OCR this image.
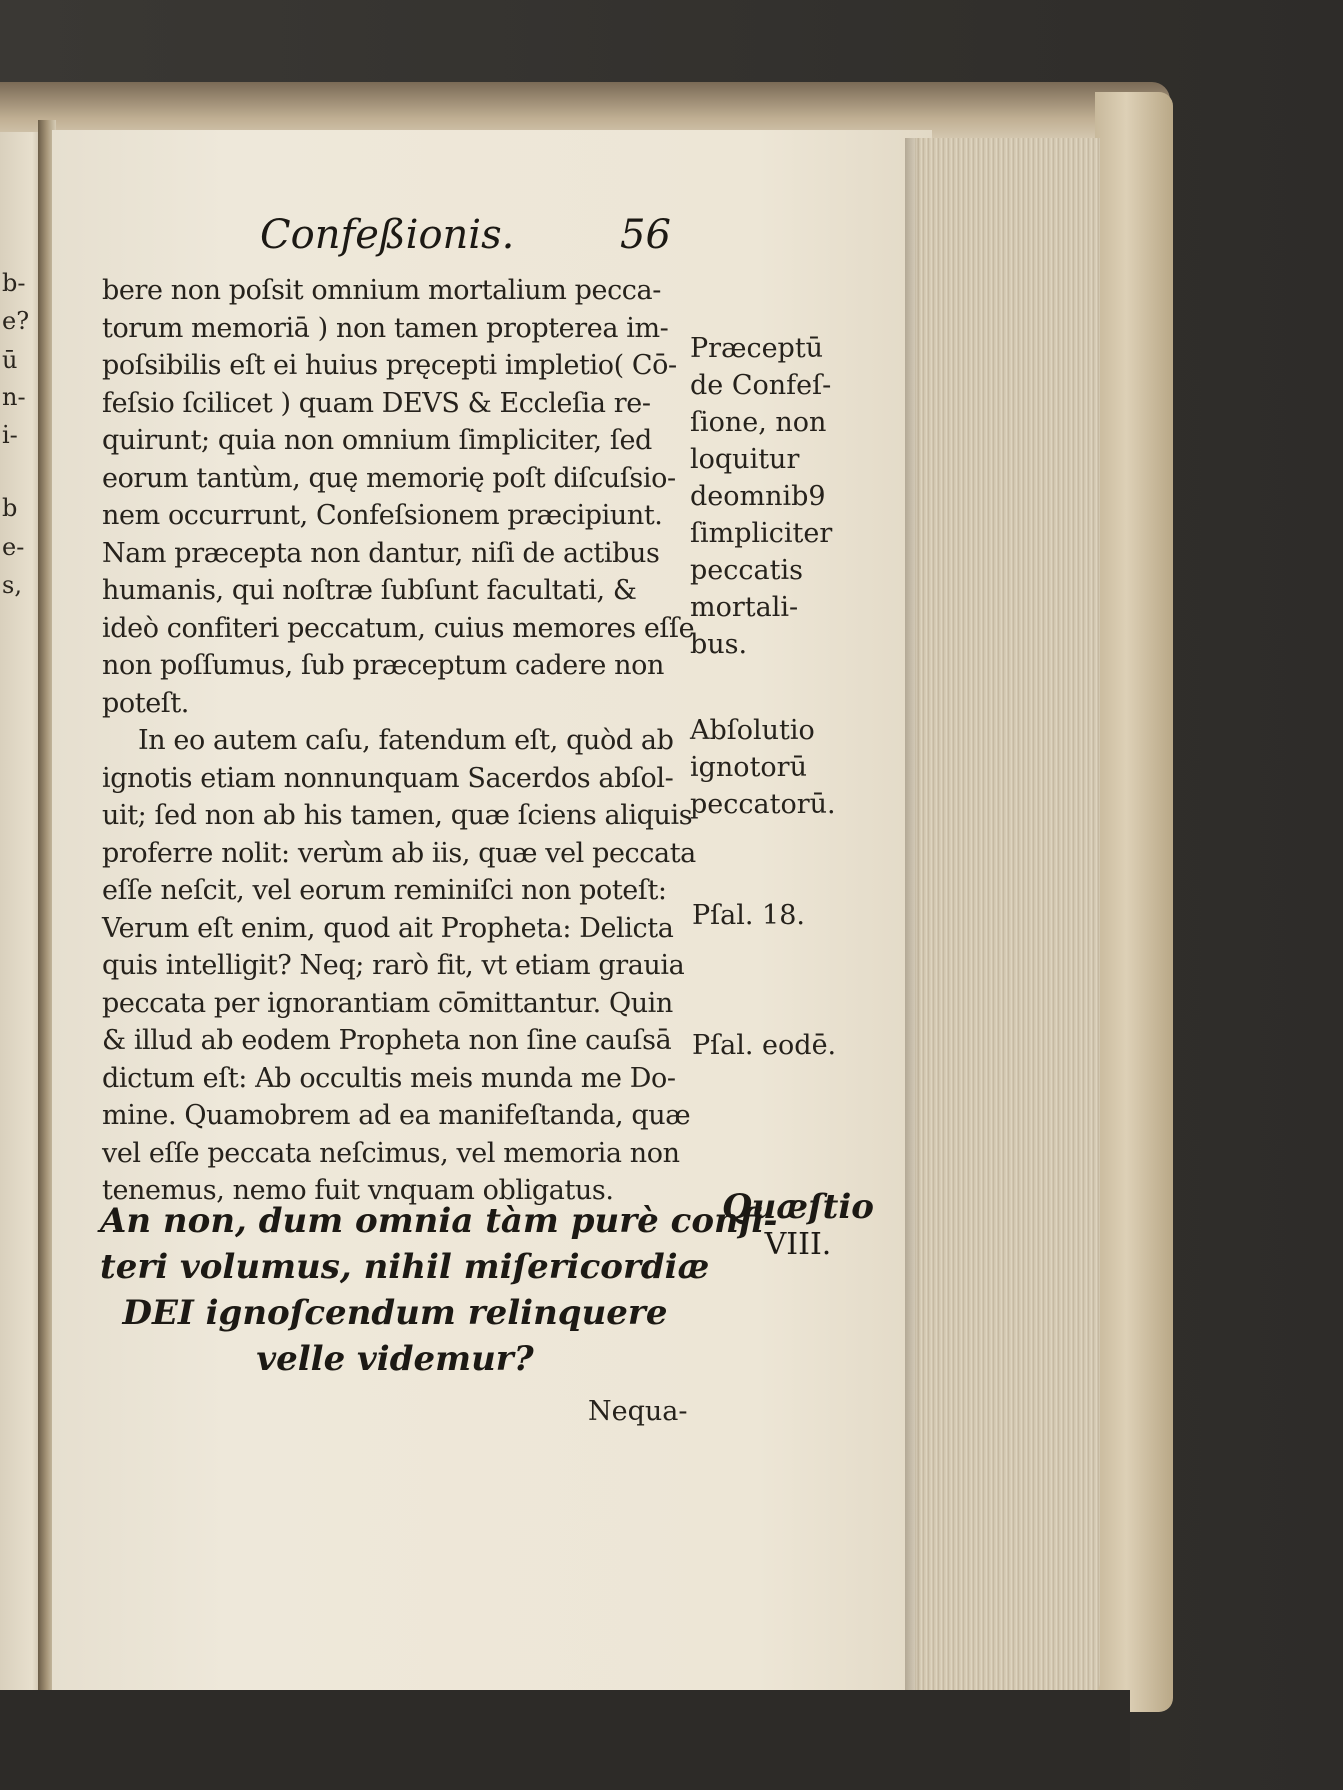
b-
e?
ū
n-
i-
b
e-
s,
Confeßionis.	56
bere non poſsit omnium mortalium pecca-
torum memoriā ) non tamen propterea im-
poſsibilis eſt ei huius pręcepti impletio( Cō-
feſsio ſcilicet ) quam DEVS & Eccleſia re-
quirunt; quia non omnium ſimpliciter, ſed
eorum tantùm, quę memorię poſt diſcuſsio-
nem occurrunt, Confeſsionem præcipiunt.
Nam præcepta non dantur, niſi de actibus
humanis, qui noſtræ ſubſunt facultati, &
ideò confiteri peccatum, cuius memores eſſe
non poſſumus, ſub præceptum cadere non
poteſt.
In eo autem caſu, fatendum eſt, quòd ab
ignotis etiam nonnunquam Sacerdos abſol-
uit; ſed non ab his tamen, quæ ſciens aliquis
proferre nolit: verùm ab iis, quæ vel peccata
eſſe neſcit, vel eorum reminiſci non poteſt:
Verum eſt enim, quod ait Propheta: Delicta
quis intelligit? Neq; rarò fit, vt etiam grauia
peccata per ignorantiam cōmittantur. Quin
& illud ab eodem Propheta non ſine cauſsā
dictum eſt: Ab occultis meis munda me Do-
mine. Quamobrem ad ea manifeſtanda, quæ
vel eſſe peccata neſcimus, vel memoria non
tenemus, nemo fuit vnquam obligatus.
Præceptū
de Confeſ-
ſione, non
loquitur
deomnib9
ſimpliciter
peccatis
mortali-
bus.
Abſolutio
ignotorū
peccatorū.
Pſal. 18.
Pſal. eodē.
An non, dum omnia tàm purè confi-
teri volumus, nihil miſericordiæ
DEI ignoſcendum relinquere
velle videmur?
Quæſtio
VIII.
Nequa-
